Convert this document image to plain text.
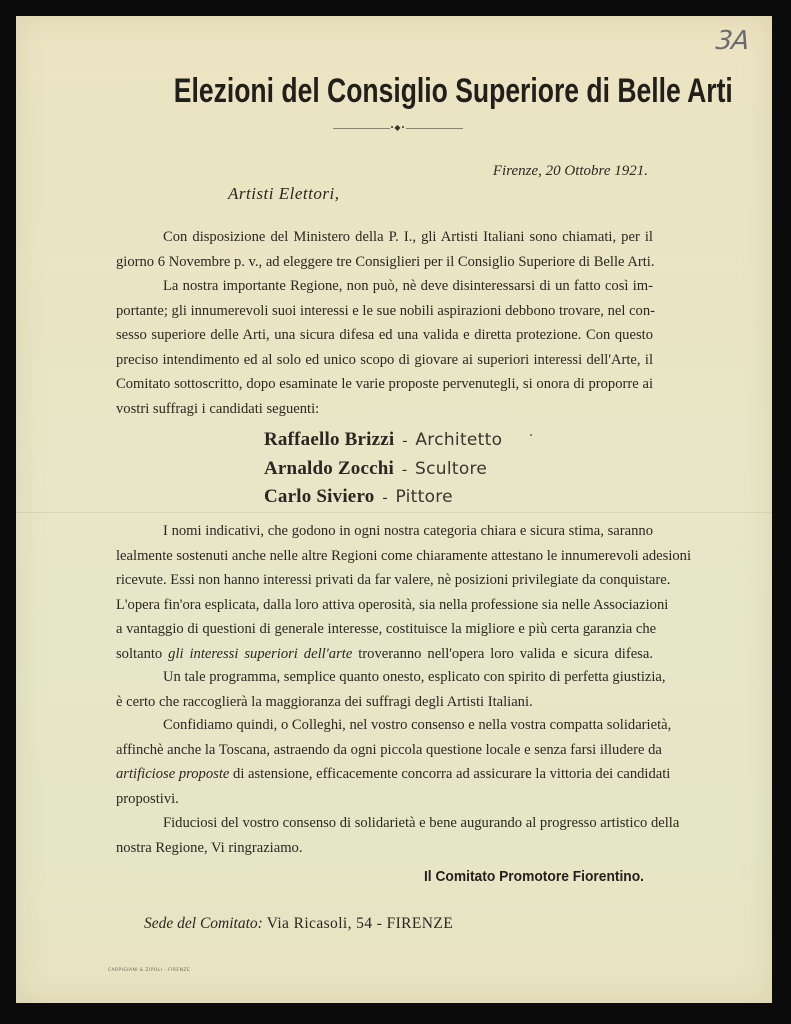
3A
Elezioni del Consiglio Superiore di Belle Arti
•◆•
Firenze, 20 Ottobre 1921.
Artisti Elettori,
Con disposizione del Ministero della P. I., gli Artisti Italiani sono chiamati, per il
giorno 6 Novembre p. v., ad eleggere tre Consiglieri per il Consiglio Superiore di Belle Arti.
La nostra importante Regione, non può, nè deve disinteressarsi di un fatto così im-
portante; gli innumerevoli suoi interessi e le sue nobili aspirazioni debbono trovare, nel con-
sesso superiore delle Arti, una sicura difesa ed una valida e diretta protezione. Con questo
preciso intendimento ed al solo ed unico scopo di giovare ai superiori interessi dell'Arte, il
Comitato sottoscritto, dopo esaminate le varie proposte pervenutegli, si onora di proporre ai
vostri suffragi i candidati seguenti:
Raffaello Brizzi - Architetto
Arnaldo Zocchi - Scultore
Carlo Siviero - Pittore
I nomi indicativi, che godono in ogni nostra categoria chiara e sicura stima, saranno
lealmente sostenuti anche nelle altre Regioni come chiaramente attestano le innumerevoli adesioni
ricevute. Essi non hanno interessi privati da far valere, nè posizioni privilegiate da conquistare.
L'opera fin'ora esplicata, dalla loro attiva operosità, sia nella professione sia nelle Associazioni
a vantaggio di questioni di generale interesse, costituisce la migliore e più certa garanzia che
soltanto gli interessi superiori dell'arte troveranno nell'opera loro valida e sicura difesa.
Un tale programma, semplice quanto onesto, esplicato con spirito di perfetta giustizia,
è certo che raccoglierà la maggioranza dei suffragi degli Artisti Italiani.
Confidiamo quindi, o Colleghi, nel vostro consenso e nella vostra compatta solidarietà,
affinchè anche la Toscana, astraendo da ogni piccola questione locale e senza farsi illudere da
artificiose proposte di astensione, efficacemente concorra ad assicurare la vittoria dei candidati
propostivi.
Fiduciosi del vostro consenso di solidarietà e bene augurando al progresso artistico della
nostra Regione, Vi ringraziamo.
Il Comitato Promotore Fiorentino.
Sede del Comitato: Via Ricasoli, 54 - FIRENZE
CARPIGIANI & ZIPOLI - FIRENZE
